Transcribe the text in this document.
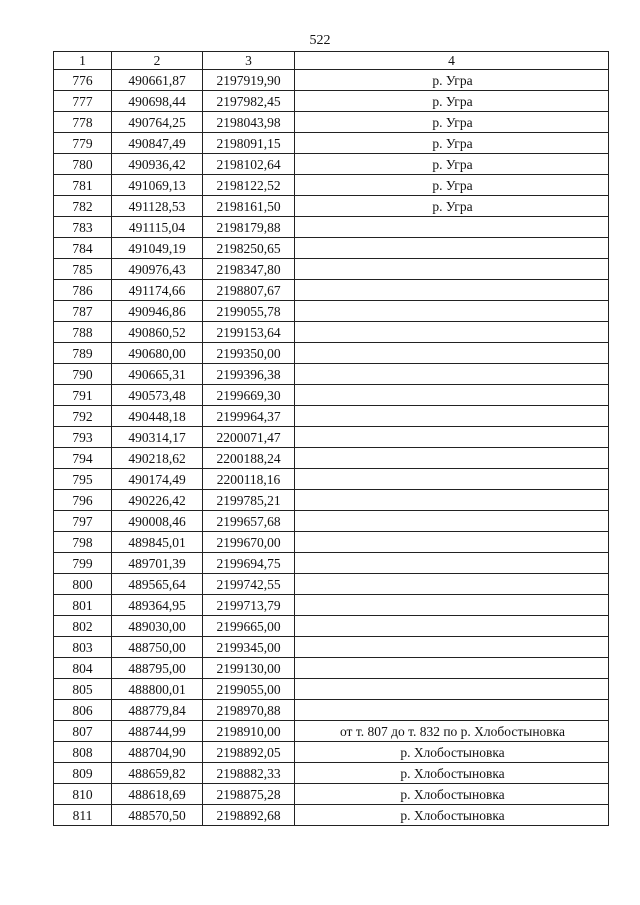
522
1	2	3	4
776	490661,87	2197919,90	р. Угра
777	490698,44	2197982,45	р. Угра
778	490764,25	2198043,98	р. Угра
779	490847,49	2198091,15	р. Угра
780	490936,42	2198102,64	р. Угра
781	491069,13	2198122,52	р. Угра
782	491128,53	2198161,50	р. Угра
783	491115,04	2198179,88	
784	491049,19	2198250,65	
785	490976,43	2198347,80	
786	491174,66	2198807,67	
787	490946,86	2199055,78	
788	490860,52	2199153,64	
789	490680,00	2199350,00	
790	490665,31	2199396,38	
791	490573,48	2199669,30	
792	490448,18	2199964,37	
793	490314,17	2200071,47	
794	490218,62	2200188,24	
795	490174,49	2200118,16	
796	490226,42	2199785,21	
797	490008,46	2199657,68	
798	489845,01	2199670,00	
799	489701,39	2199694,75	
800	489565,64	2199742,55	
801	489364,95	2199713,79	
802	489030,00	2199665,00	
803	488750,00	2199345,00	
804	488795,00	2199130,00	
805	488800,01	2199055,00	
806	488779,84	2198970,88	
807	488744,99	2198910,00	от т. 807 до т. 832 по р. Хлобостыновка
808	488704,90	2198892,05	р. Хлобостыновка
809	488659,82	2198882,33	р. Хлобостыновка
810	488618,69	2198875,28	р. Хлобостыновка
811	488570,50	2198892,68	р. Хлобостыновка
